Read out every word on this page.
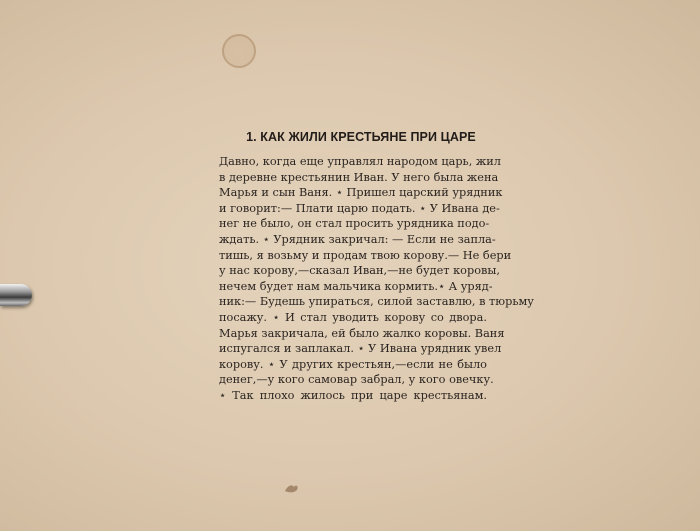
1. КАК ЖИЛИ КРЕСТЬЯНЕ ПРИ ЦАРЕ
Давно, когда еще управлял народом царь, жил
в деревне крестьянин Иван. У него была жена
Марья и сын Ваня. ⋆ Пришел царский урядник
и говорит:— Плати царю подать. ⋆ У Ивана де-
нег не было, он стал просить урядника подо-
ждать. ⋆ Урядник закричал: — Если не запла-
тишь, я возьму и продам твою корову.— Не бери
у нас корову,—сказал Иван,—не будет коровы,
нечем будет нам мальчика кормить.⋆ А уряд-
ник:— Будешь упираться, силой заставлю, в тюрьму
посажу. ⋆ И стал уводить корову со двора.
Марья закричала, ей было жалко коровы. Ваня
испугался и заплакал. ⋆ У Ивана урядник увел
корову. ⋆ У других крестьян,—если не было
денег,—у кого самовар забрал, у кого овечку.
⋆ Так плохо жилось при царе крестьянам.
